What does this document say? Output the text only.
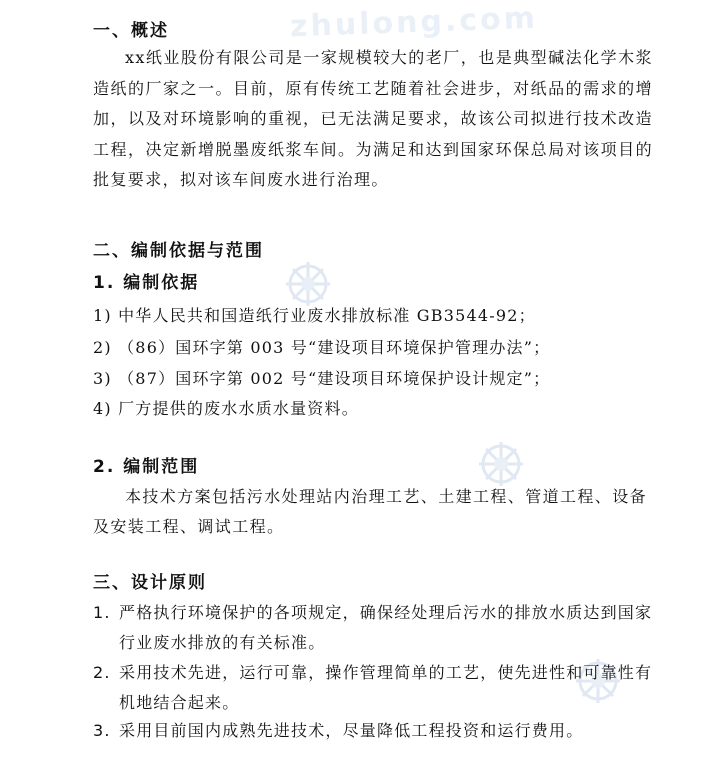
zhulong.com
一、概述
xx纸业股份有限公司是一家规模较大的老厂，也是典型碱法化学木浆造纸的厂家之一。目前，原有传统工艺随着社会进步，对纸品的需求的增加，以及对环境影响的重视，已无法满足要求，故该公司拟进行技术改造工程，决定新增脱墨废纸浆车间。为满足和达到国家环保总局对该项目的批复要求，拟对该车间废水进行治理。
二、编制依据与范围
1. 编制依据
1) 中华人民共和国造纸行业废水排放标准 GB3544-92；
2) （86）国环字第 003 号“建设项目环境保护管理办法”；
3) （87）国环字第 002 号“建设项目环境保护设计规定”；
4) 厂方提供的废水水质水量资料。
2. 编制范围
本技术方案包括污水处理站内治理工艺、土建工程、管道工程、设备及安装工程、调试工程。
三、设计原则
1. 严格执行环境保护的各项规定，确保经处理后污水的排放水质达到国家行业废水排放的有关标准。
2. 采用技术先进，运行可靠，操作管理简单的工艺，使先进性和可靠性有机地结合起来。
3. 采用目前国内成熟先进技术，尽量降低工程投资和运行费用。
